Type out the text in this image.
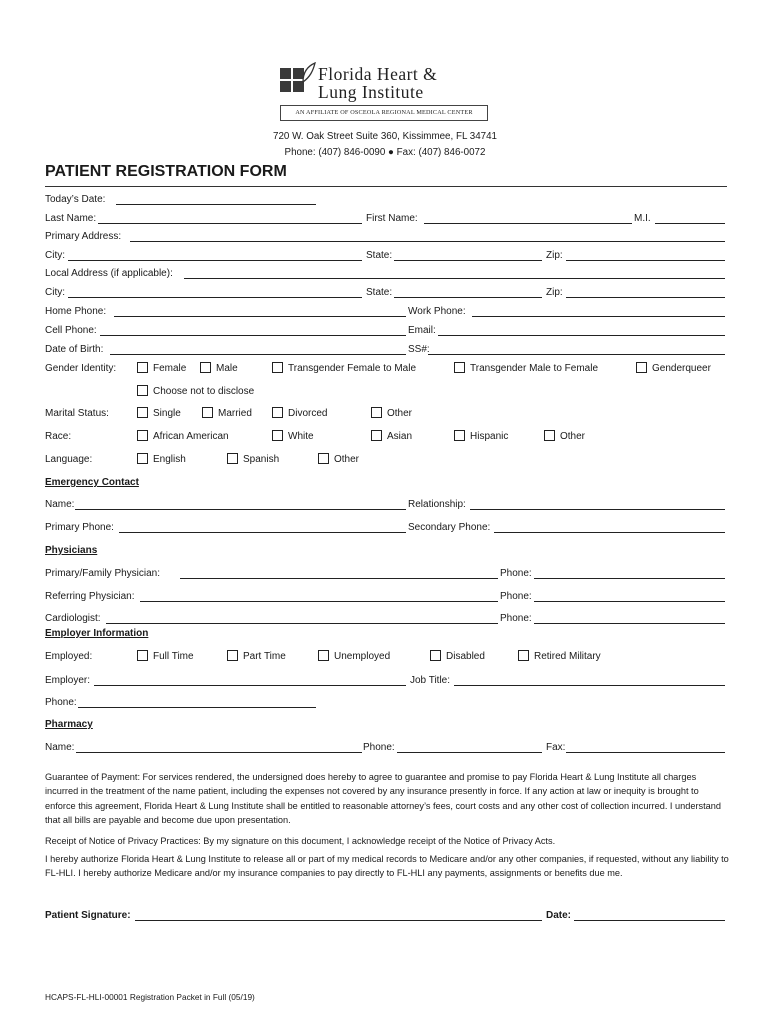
Florida Heart &
Lung Institute
AN AFFILIATE OF OSCEOLA REGIONAL MEDICAL CENTER
720 W. Oak Street Suite 360, Kissimmee, FL 34741
Phone: (407) 846-0090 ● Fax: (407) 846-0072
PATIENT REGISTRATION FORM
Today’s Date:
Last Name:	First Name:	M.I.
Primary Address:
City:	State:	Zip:
Local Address (if applicable):
City:	State:	Zip:
Home Phone:	Work Phone:
Cell Phone:	Email:
Date of Birth:	SS#:
Gender Identity:	Female	Male	Transgender Female to Male	Transgender Male to Female	Genderqueer
Choose not to disclose
Marital Status:	Single	Married	Divorced	Other
Race:	African American	White	Asian	Hispanic	Other
Language:	English	Spanish	Other
Emergency Contact
Name:	Relationship:
Primary Phone:	Secondary Phone:
Physicians
Primary/Family Physician:	Phone:
Referring Physician:	Phone:
Cardiologist:	Phone:
Employer Information
Employed:	Full Time	Part Time	Unemployed	Disabled	Retired Military
Employer:	Job Title:
Phone:
Pharmacy
Name:	Phone:	Fax:
Guarantee of Payment: For services rendered, the undersigned does hereby to agree to guarantee and promise to pay Florida Heart & Lung Institute all charges incurred in the treatment of the name patient, including the expenses not covered by any insurance presently in force. If any action at law or inequity is brought to enforce this agreement, Florida Heart & Lung Institute shall be entitled to reasonable attorney’s fees, court costs and any other cost of collection incurred. I understand that all bills are payable and become due upon presentation.
Receipt of Notice of Privacy Practices: By my signature on this document, I acknowledge receipt of the Notice of Privacy Acts.
I hereby authorize Florida Heart & Lung Institute to release all or part of my medical records to Medicare and/or any other companies, if requested, without any liability to FL-HLI. I hereby authorize Medicare and/or my insurance companies to pay directly to FL-HLI any payments, assignments or benefits due me.
Patient Signature:	Date:
HCAPS-FL-HLI-00001 Registration Packet in Full (05/19)
